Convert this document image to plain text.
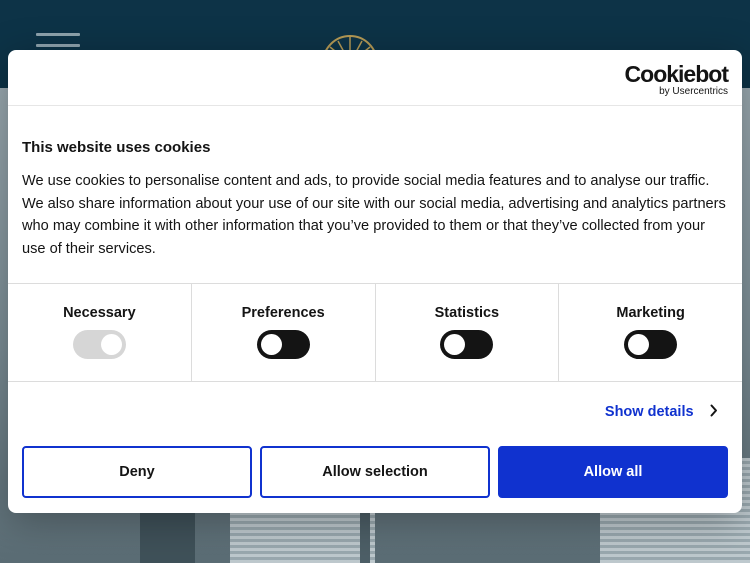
Cookiebot
by Usercentrics
This website uses cookies

We use cookies to personalise content and ads, to provide social media features and to analyse our traffic. We also share information about your use of our site with our social media, advertising and analytics partners who may combine it with other information that you’ve provided to them or that they’ve collected from your use of their services.

Necessary	Preferences	Statistics	Marketing
Show details
Deny	Allow selection	Allow all
